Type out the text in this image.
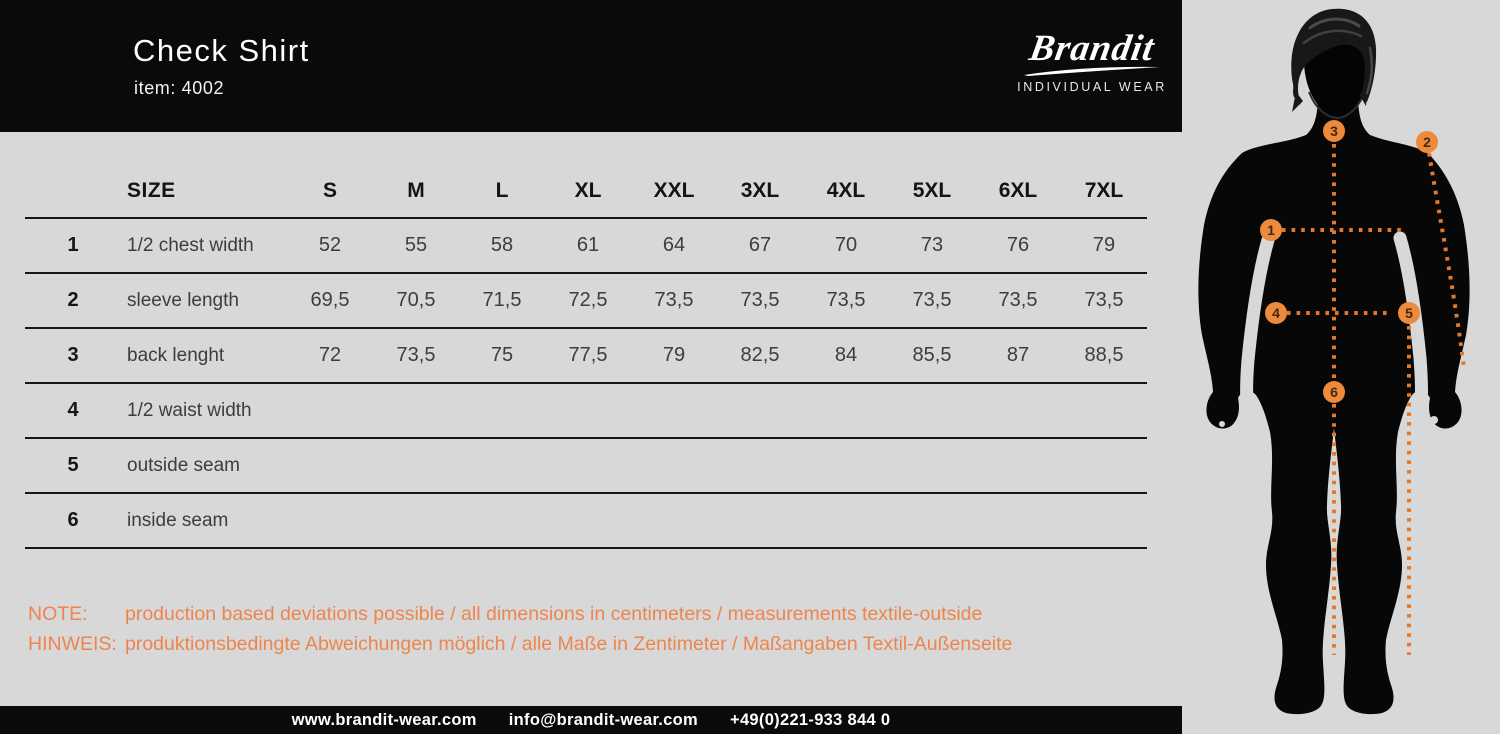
Check Shirt
item: 4002
Brandit
INDIVIDUAL WEAR
SIZE	S	M	L	XL	XXL	3XL	4XL	5XL	6XL	7XL
1	1/2 chest width	52	55	58	61	64	67	70	73	76	79
2	sleeve length	69,5	70,5	71,5	72,5	73,5	73,5	73,5	73,5	73,5	73,5
3	back lenght	72	73,5	75	77,5	79	82,5	84	85,5	87	88,5
4	1/2 waist width
5	outside seam
6	inside seam
NOTE:	production based deviations possible / all dimensions in centimeters / measurements textile-outside
HINWEIS: produktionsbedingte Abweichungen möglich / alle Maße in Zentimeter / Maßangaben Textil-Außenseite
www.brandit-wear.com info@brandit-wear.com +49(0)221-933 844 0
1
2
3
4	5
6
